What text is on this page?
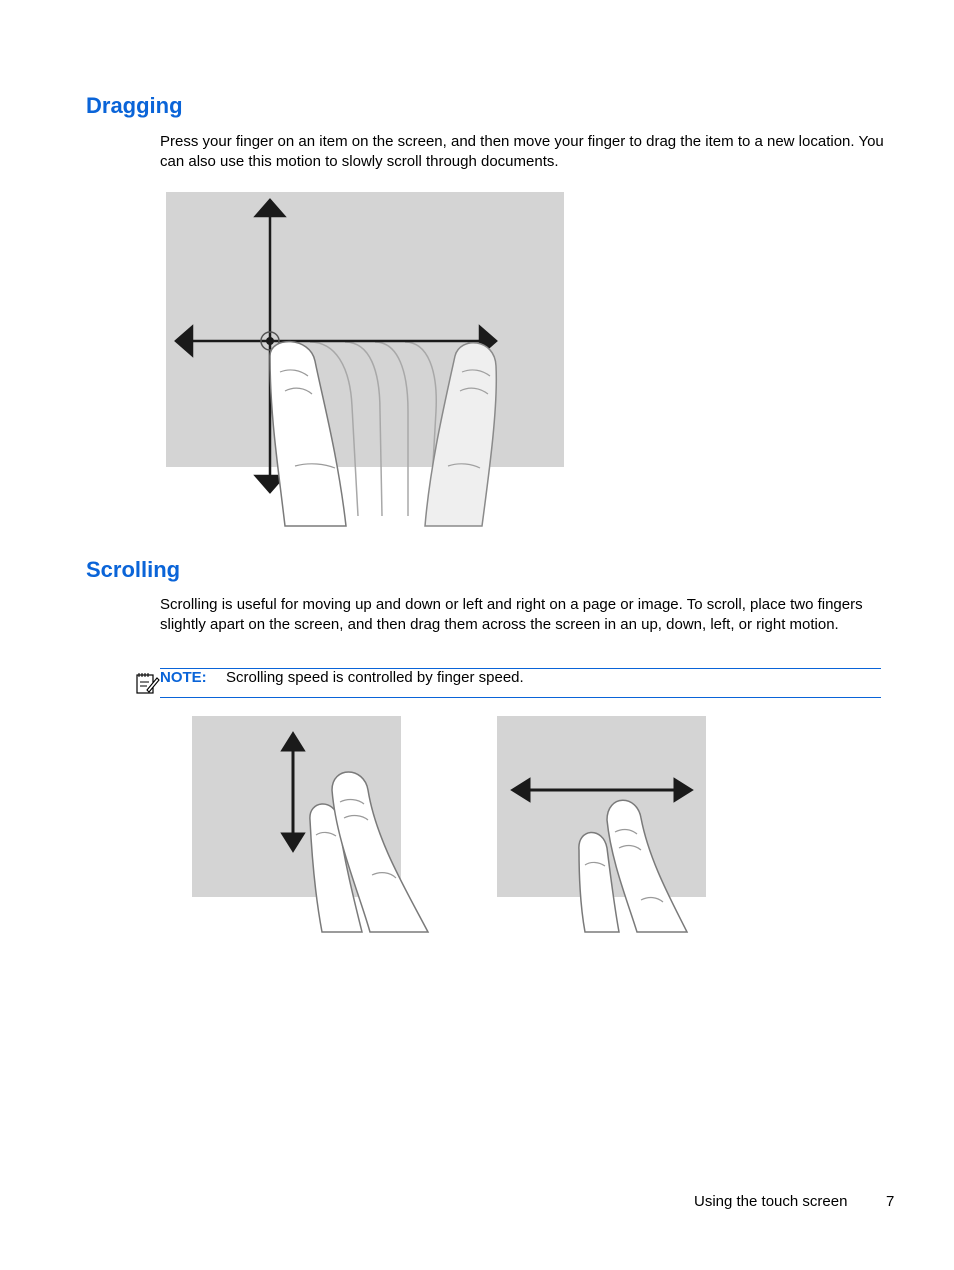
Dragging

Press your finger on an item on the screen, and then move your finger to drag the item to a new location. You can also use this motion to slowly scroll through documents.

Scrolling

Scrolling is useful for moving up and down or left and right on a page or image. To scroll, place two fingers slightly apart on the screen, and then drag them across the screen in an up, down, left, or right motion.

NOTE: Scrolling speed is controlled by finger speed.
Using the touch screen	7
